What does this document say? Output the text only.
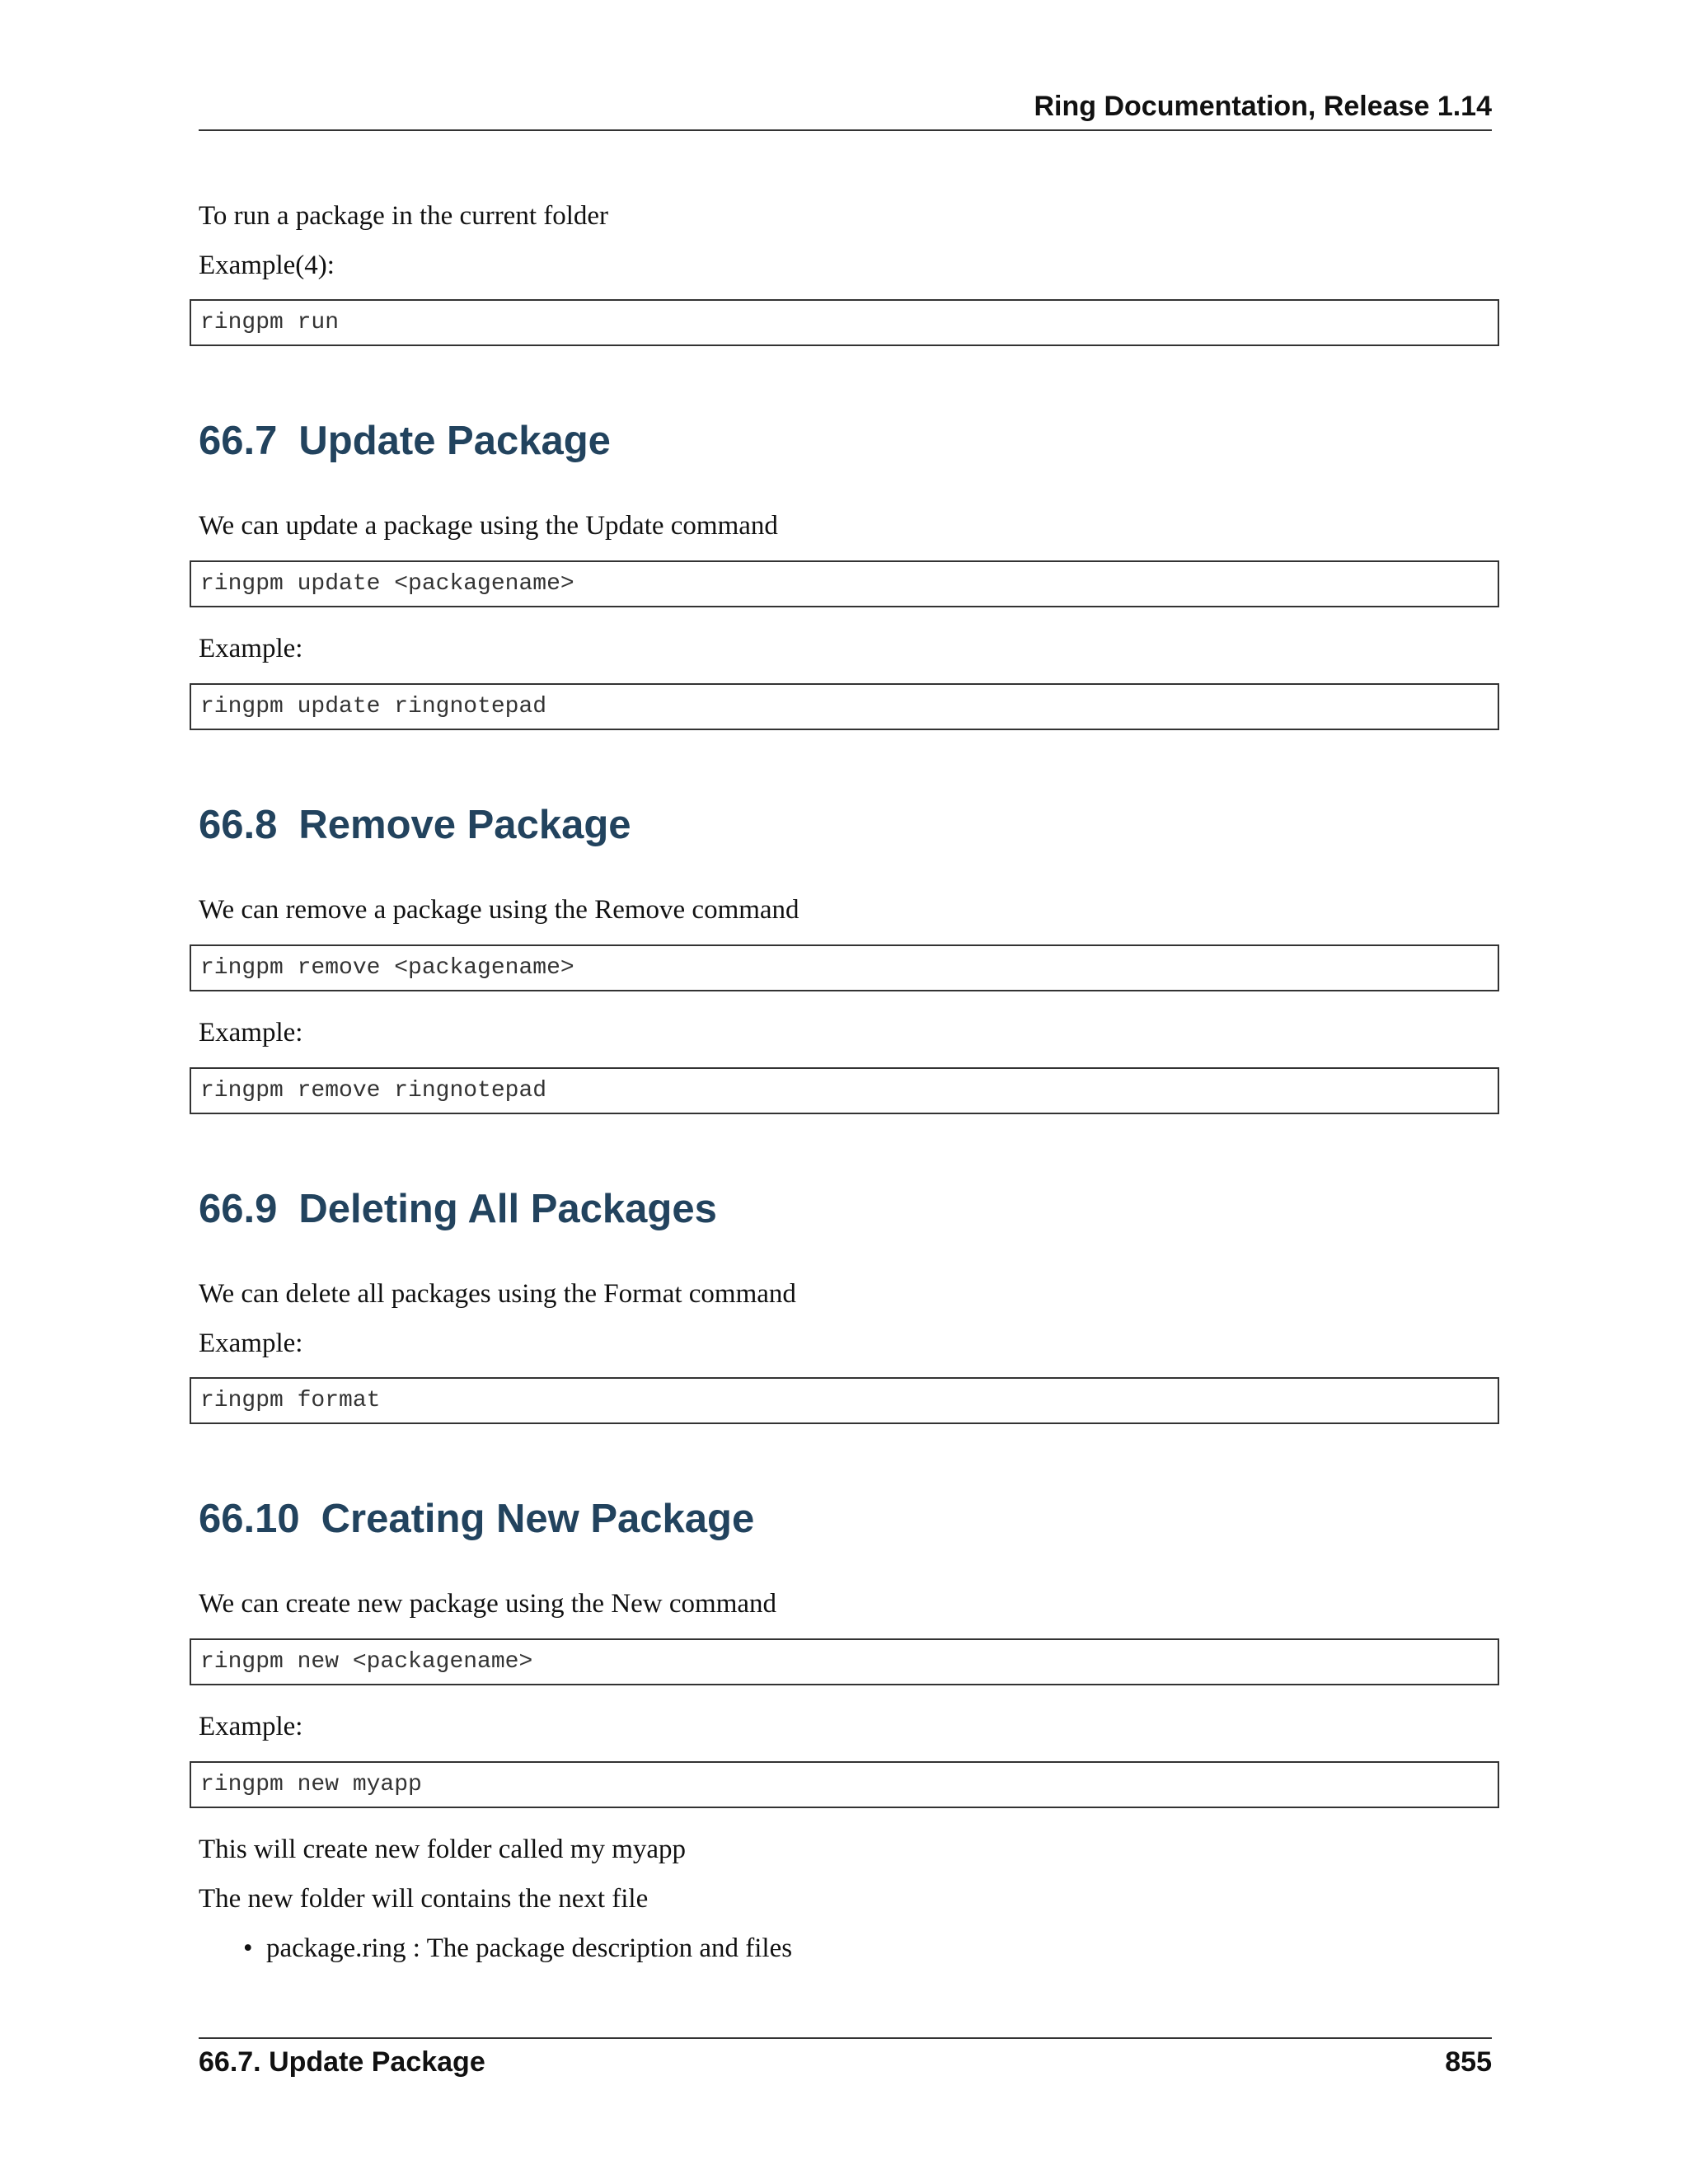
Ring Documentation, Release 1.14
To run a package in the current folder
Example(4):
ringpm run
66.7 Update Package
We can update a package using the Update command
ringpm update <packagename>
Example:
ringpm update ringnotepad
66.8 Remove Package
We can remove a package using the Remove command
ringpm remove <packagename>
Example:
ringpm remove ringnotepad
66.9 Deleting All Packages
We can delete all packages using the Format command
Example:
ringpm format
66.10 Creating New Package
We can create new package using the New command
ringpm new <packagename>
Example:
ringpm new myapp
This will create new folder called my myapp
The new folder will contains the next file
• package.ring : The package description and files
66.7. Update Package	855
